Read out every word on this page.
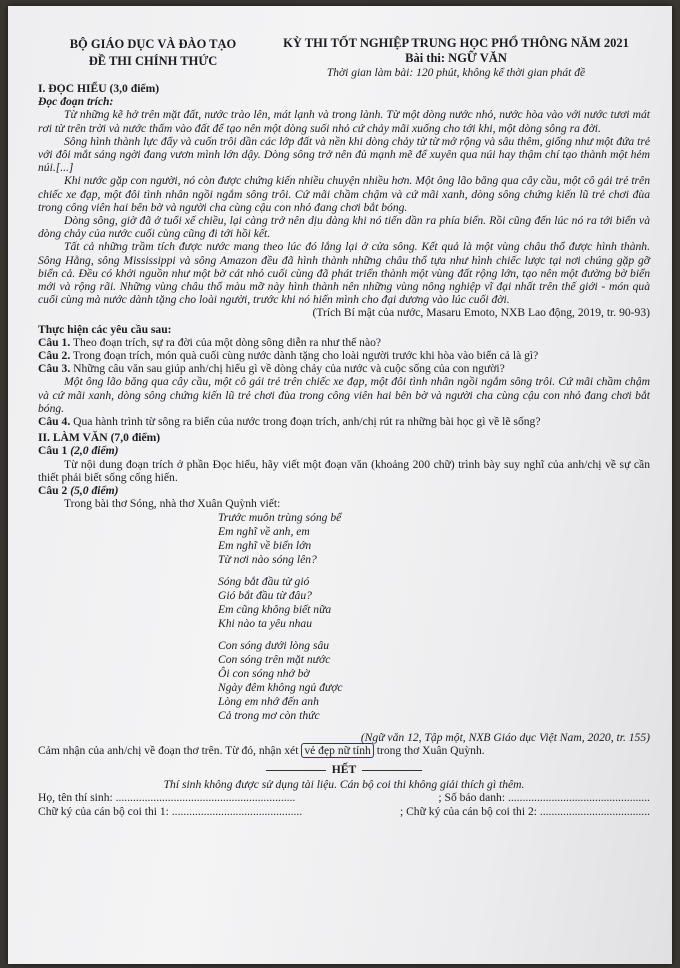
BỘ GIÁO DỤC VÀ ĐÀO TẠO
ĐỀ THI CHÍNH THỨC
KỲ THI TỐT NGHIỆP TRUNG HỌC PHỔ THÔNG NĂM 2021
Bài thi: NGỮ VĂN
Thời gian làm bài: 120 phút, không kể thời gian phát đề
I. ĐỌC HIỂU (3,0 điểm)
Đọc đoạn trích:
Từ những kẽ hở trên mặt đất, nước trào lên, mát lạnh và trong lành. Từ một dòng nước nhỏ, nước hòa vào với nước tươi mát rơi từ trên trời và nước thấm vào đất để tạo nên một dòng suối nhỏ cứ chảy mãi xuống cho tới khi, một dòng sông ra đời.
Sông hình thành lực đẩy và cuốn trôi dần các lớp đất và nền khi dòng chảy từ từ mở rộng và sâu thêm, giống như một đứa trẻ với đôi mắt sáng ngời đang vươn mình lớn dậy. Dòng sông trở nên đủ mạnh mẽ để xuyên qua núi hay thậm chí tạo thành một hẻm núi.[...]
Khi nước gặp con người, nó còn được chứng kiến nhiều chuyện nhiều hơn. Một ông lão băng qua cây cầu, một cô gái trẻ trên chiếc xe đạp, một đôi tình nhân ngồi ngắm sông trôi. Cứ mãi chầm chậm và cứ mãi xanh, dòng sông chứng kiến lũ trẻ chơi đùa trong công viên hai bên bờ và người cha cùng cậu con nhỏ đang chơi bắt bóng.
Dòng sông, giờ đã ở tuổi xế chiều, lại càng trở nên dịu dàng khi nó tiến dần ra phía biển. Rồi cũng đến lúc nó ra tới biển và dòng chảy của nước cuối cùng cũng đi tới hồi kết.
Tất cả những trầm tích được nước mang theo lúc đó lắng lại ở cửa sông. Kết quả là một vùng châu thổ được hình thành. Sông Hằng, sông Mississippi và sông Amazon đều đã hình thành những châu thổ tựa như hình chiếc lược tại nơi chúng gặp gỡ biển cả. Đều có khởi nguồn như một bờ cát nhỏ cuối cùng đã phát triển thành một vùng đất rộng lớn, tạo nên một đường bờ biển mới và rộng rãi. Những vùng châu thổ màu mỡ này hình thành nên những vùng nông nghiệp vĩ đại nhất trên thế giới - món quà cuối cùng mà nước dành tặng cho loài người, trước khi nó hiến mình cho đại dương vào lúc cuối đời.
(Trích Bí mật của nước, Masaru Emoto, NXB Lao động, 2019, tr. 90-93)
Thực hiện các yêu cầu sau:
Câu 1. Theo đoạn trích, sự ra đời của một dòng sông diễn ra như thế nào?
Câu 2. Trong đoạn trích, món quà cuối cùng nước dành tặng cho loài người trước khi hòa vào biển cả là gì?
Câu 3. Những câu văn sau giúp anh/chị hiểu gì về dòng chảy của nước và cuộc sống của con người?
Một ông lão băng qua cây cầu, một cô gái trẻ trên chiếc xe đạp, một đôi tình nhân ngồi ngắm sông trôi. Cứ mãi chầm chậm và cứ mãi xanh, dòng sông chứng kiến lũ trẻ chơi đùa trong công viên hai bên bờ và người cha cùng cậu con nhỏ đang chơi bắt bóng.
Câu 4. Qua hành trình từ sông ra biển của nước trong đoạn trích, anh/chị rút ra những bài học gì về lẽ sống?
II. LÀM VĂN (7,0 điểm)
Câu 1 (2,0 điểm)
Từ nội dung đoạn trích ở phần Đọc hiểu, hãy viết một đoạn văn (khoảng 200 chữ) trình bày suy nghĩ của anh/chị về sự cần thiết phải biết sống cống hiến.
Câu 2 (5,0 điểm)
Trong bài thơ Sóng, nhà thơ Xuân Quỳnh viết:
Trước muôn trùng sóng bể
Em nghĩ về anh, em
Em nghĩ về biển lớn
Từ nơi nào sóng lên?
Sóng bắt đầu từ gió
Gió bắt đầu từ đâu?
Em cũng không biết nữa
Khi nào ta yêu nhau
Con sóng dưới lòng sâu
Con sóng trên mặt nước
Ôi con sóng nhớ bờ
Ngày đêm không ngủ được
Lòng em nhớ đến anh
Cả trong mơ còn thức
(Ngữ văn 12, Tập một, NXB Giáo dục Việt Nam, 2020, tr. 155)
Cảm nhận của anh/chị về đoạn thơ trên. Từ đó, nhận xét vẻ đẹp nữ tính trong thơ Xuân Quỳnh.
HẾT
Thí sinh không được sử dụng tài liệu. Cán bộ coi thi không giải thích gì thêm.
Họ, tên thí sinh: ..............................................................	; Số báo danh: .................................................
Chữ ký của cán bộ coi thi 1: .............................................	; Chữ ký của cán bộ coi thi 2: ......................................
